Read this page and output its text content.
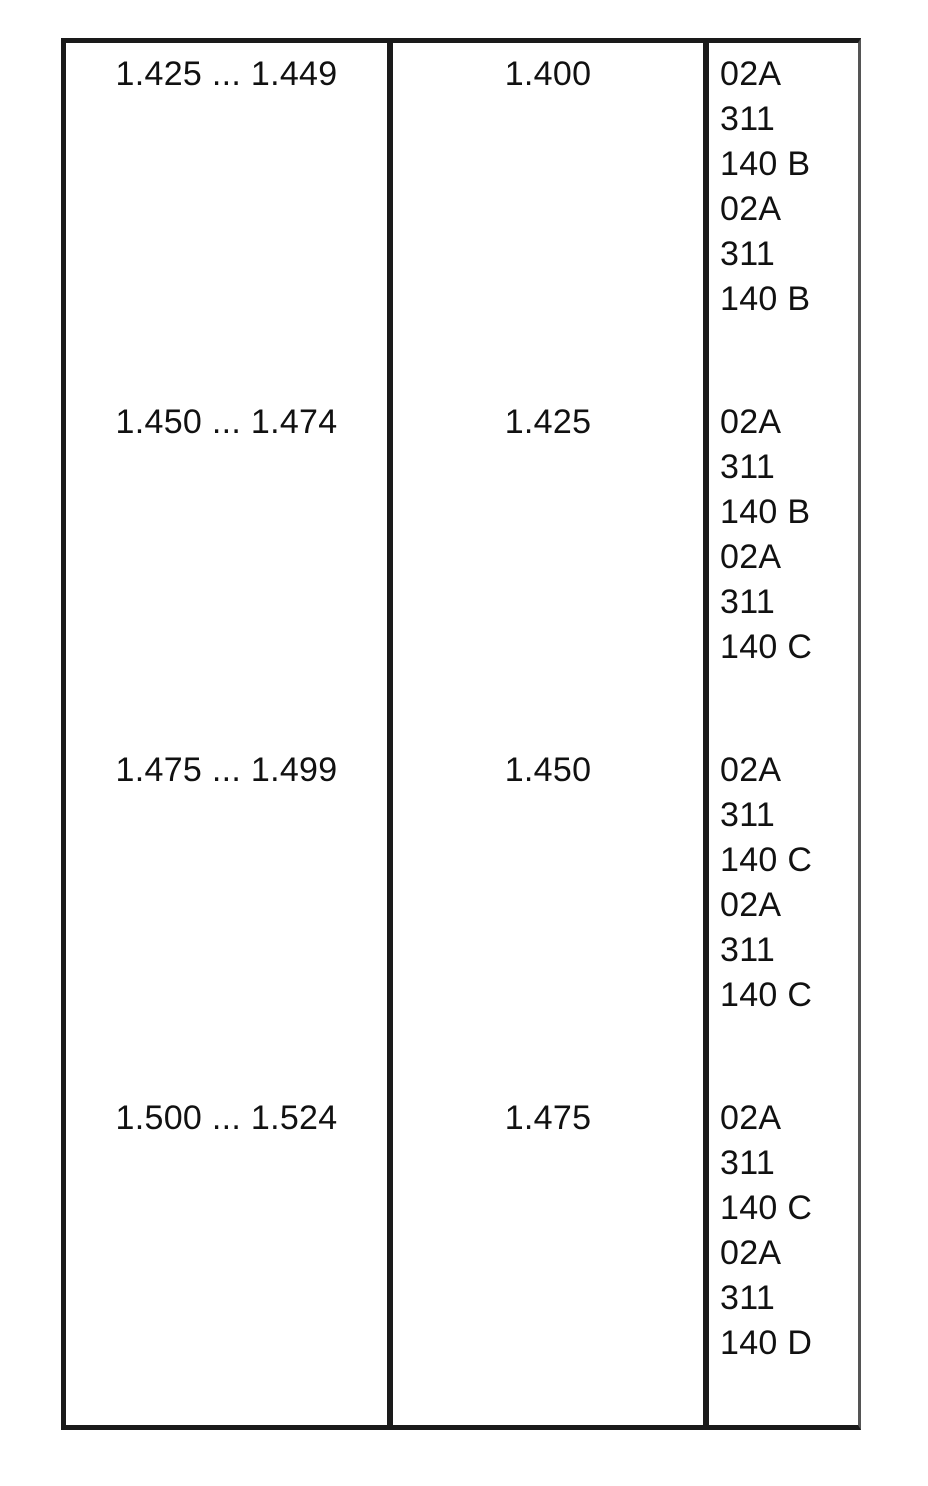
1.425 ... 1.449	1.400	02A
311
140 B
02A
311
140 B
1.450 ... 1.474	1.425	02A
311
140 B
02A
311
140 C
1.475 ... 1.499	1.450	02A
311
140 C
02A
311
140 C
1.500 ... 1.524	1.475	02A
311
140 C
02A
311
140 D
